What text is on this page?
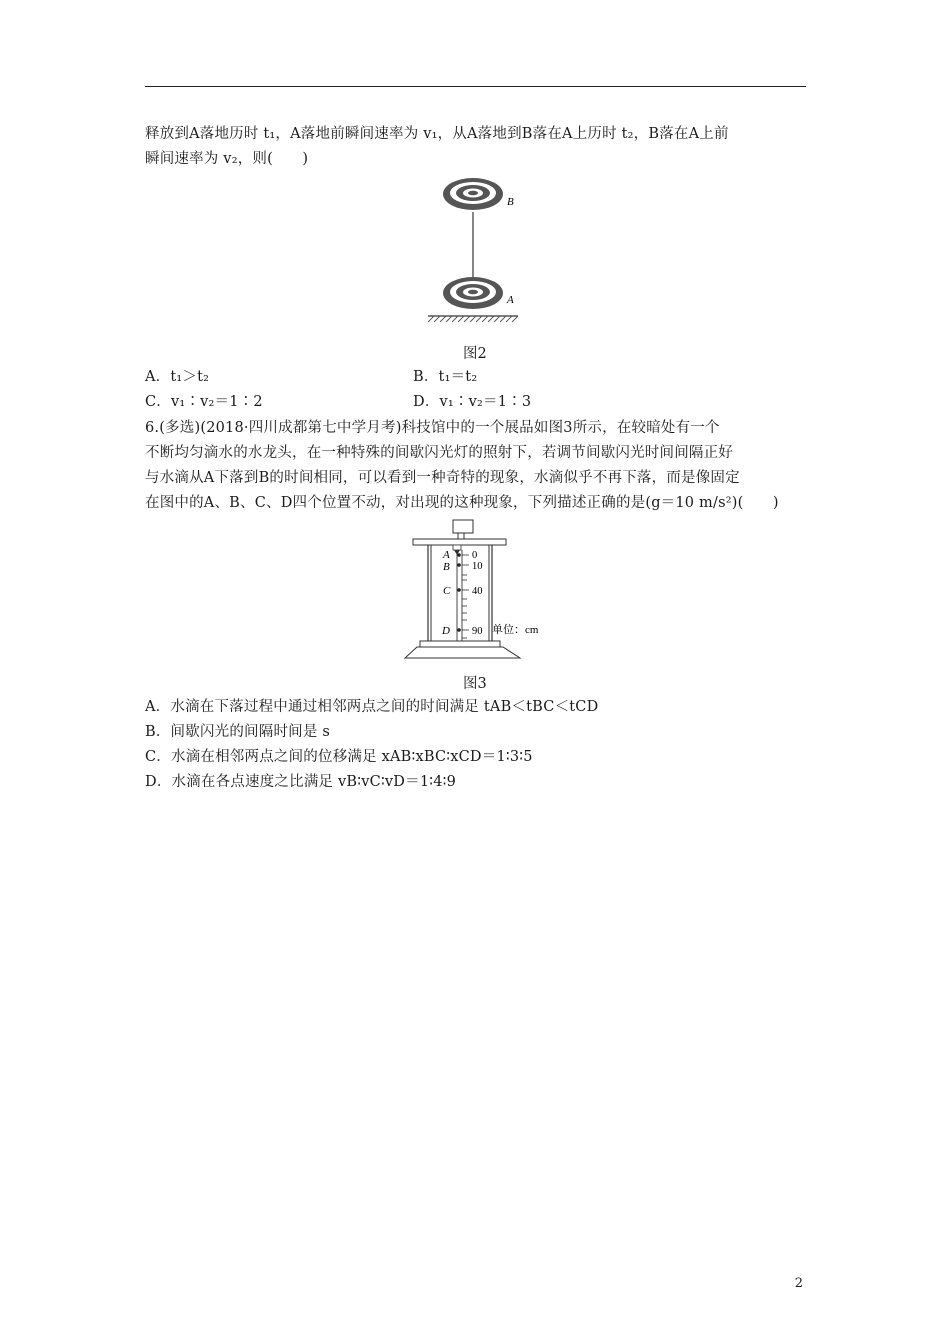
释放到A落地历时 t₁，A落地前瞬间速率为 v₁，从A落地到B落在A上历时 t₂，B落在A上前
瞬间速率为 v₂，则(　　)
B
A
图2
A．t₁＞t₂	B．t₁＝t₂
C．v₁∶v₂＝1∶2	D．v₁∶v₂＝1∶3
6.(多选)(2018·四川成都第七中学月考)科技馆中的一个展品如图3所示，在较暗处有一个
不断均匀滴水的水龙头，在一种特殊的间歇闪光灯的照射下，若调节间歇闪光时间间隔正好
与水滴从A下落到B的时间相同，可以看到一种奇特的现象，水滴似乎不再下落，而是像固定
在图中的A、B、C、D四个位置不动，对出现的这种现象，下列描述正确的是(g＝10 m/s²)(　　)
A
B
C
D
0
10
40
90 单位：cm
图3
A．水滴在下落过程中通过相邻两点之间的时间满足 tAB＜tBC＜tCD
B．间歇闪光的间隔时间是 s
C．水滴在相邻两点之间的位移满足 xAB∶xBC∶xCD＝1∶3∶5
D．水滴在各点速度之比满足 vB∶vC∶vD＝1∶4∶9
2
